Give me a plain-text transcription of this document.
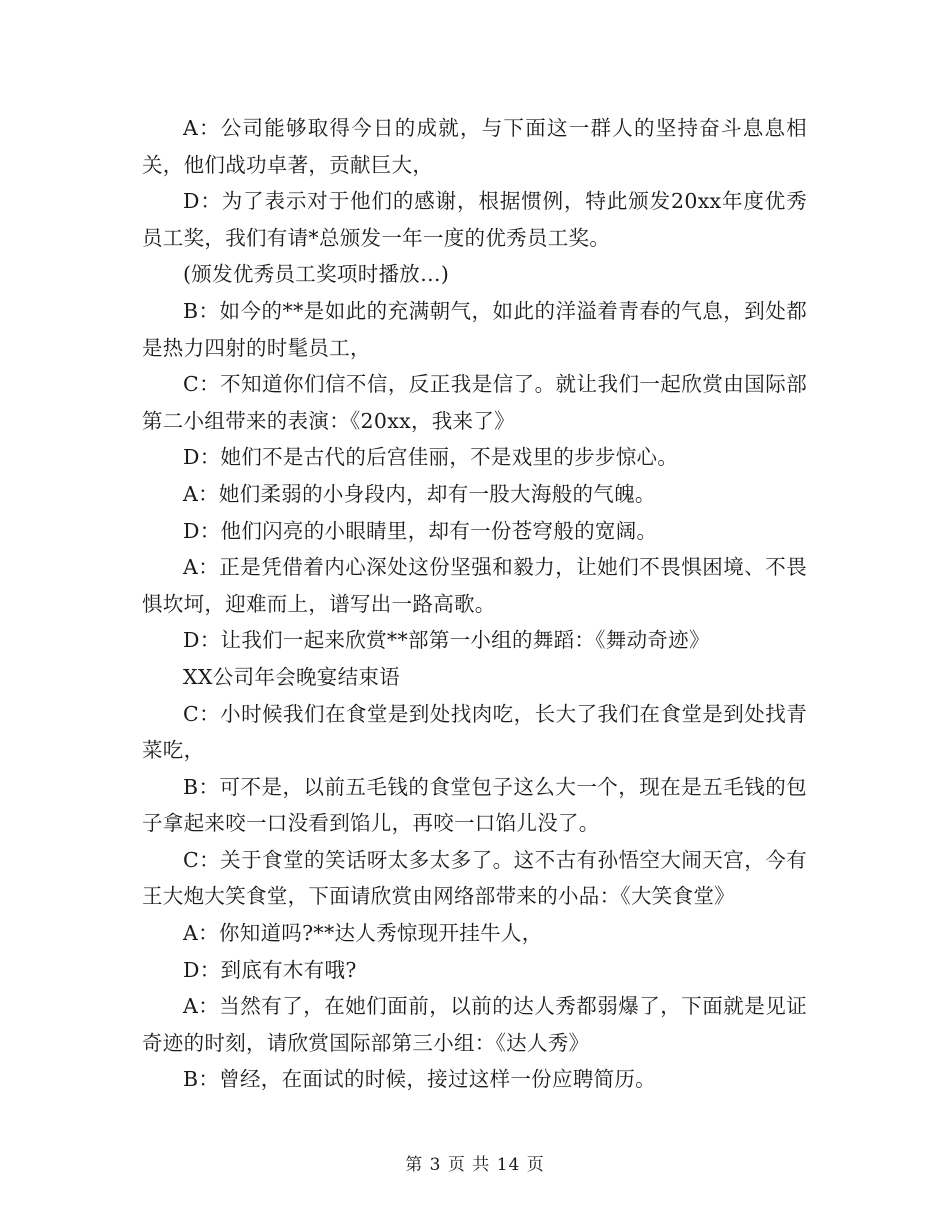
A：公司能够取得今日的成就，与下面这一群人的坚持奋斗息息相关，他们战功卓著，贡献巨大，

D：为了表示对于他们的感谢，根据惯例，特此颁发20xx年度优秀员工奖，我们有请*总颁发一年一度的优秀员工奖。

(颁发优秀员工奖项时播放…)

B：如今的**是如此的充满朝气，如此的洋溢着青春的气息，到处都是热力四射的时髦员工，

C：不知道你们信不信，反正我是信了。就让我们一起欣赏由国际部第二小组带来的表演：《20xx，我来了》

D：她们不是古代的后宫佳丽，不是戏里的步步惊心。

A：她们柔弱的小身段内，却有一股大海般的气魄。

D：他们闪亮的小眼睛里，却有一份苍穹般的宽阔。

A：正是凭借着内心深处这份坚强和毅力，让她们不畏惧困境、不畏惧坎坷，迎难而上，谱写出一路高歌。

D：让我们一起来欣赏**部第一小组的舞蹈：《舞动奇迹》

XX公司年会晚宴结束语

C：小时候我们在食堂是到处找肉吃，长大了我们在食堂是到处找青菜吃，

B：可不是，以前五毛钱的食堂包子这么大一个，现在是五毛钱的包子拿起来咬一口没看到馅儿，再咬一口馅儿没了。

C：关于食堂的笑话呀太多太多了。这不古有孙悟空大闹天宫，今有王大炮大笑食堂，下面请欣赏由网络部带来的小品：《大笑食堂》

A：你知道吗?**达人秀惊现开挂牛人，

D：到底有木有哦?

A：当然有了，在她们面前，以前的达人秀都弱爆了，下面就是见证奇迹的时刻，请欣赏国际部第三小组：《达人秀》

B：曾经，在面试的时候，接过这样一份应聘简历。

第 3 页 共 14 页
